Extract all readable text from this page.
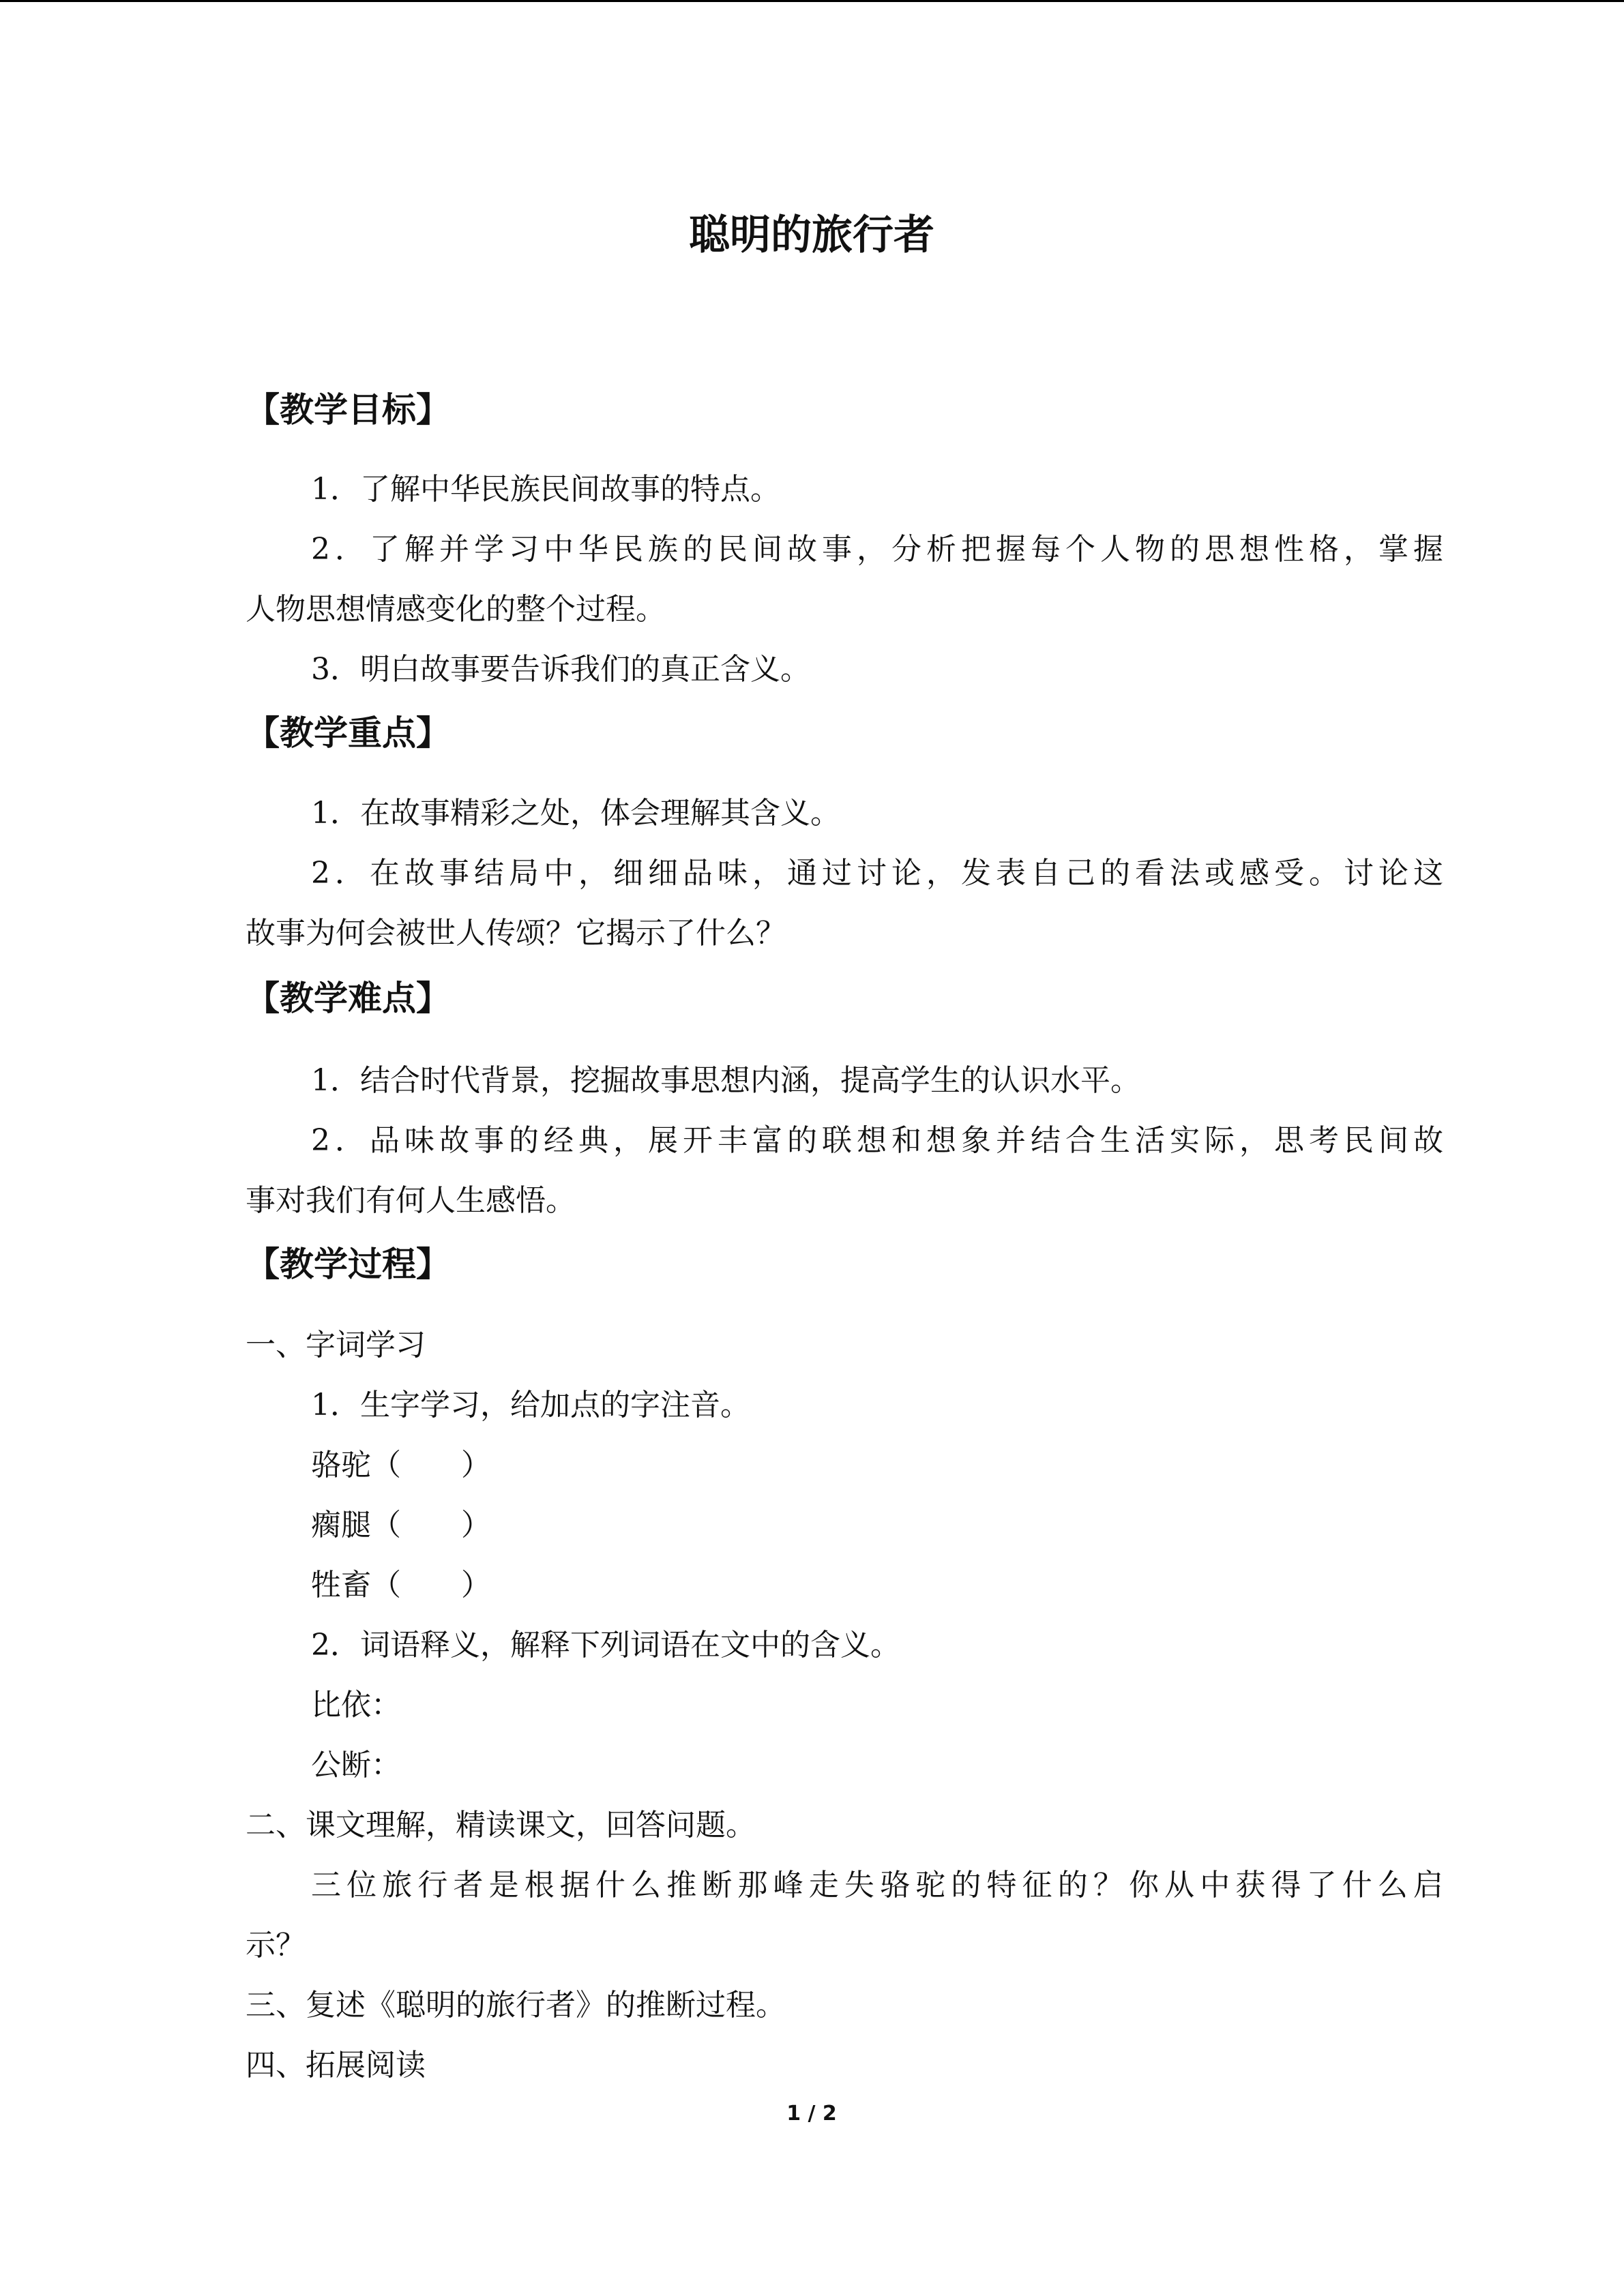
聪明的旅行者
【教学目标】
1．了解中华民族民间故事的特点。
2．了解并学习中华民族的民间故事，分析把握每个人物的思想性格，掌握
人物思想情感变化的整个过程。
3．明白故事要告诉我们的真正含义。
【教学重点】
1．在故事精彩之处，体会理解其含义。
2．在故事结局中，细细品味，通过讨论，发表自己的看法或感受。讨论这
故事为何会被世人传颂？它揭示了什么？
【教学难点】
1．结合时代背景，挖掘故事思想内涵，提高学生的认识水平。
2．品味故事的经典，展开丰富的联想和想象并结合生活实际，思考民间故
事对我们有何人生感悟。
【教学过程】
一、字词学习
1．生字学习，给加点的字注音。
骆驼（　　）
瘸腿（　　）
牲畜（　　）
2．词语释义，解释下列词语在文中的含义。
比依：
公断：
二、课文理解，精读课文，回答问题。
三位旅行者是根据什么推断那峰走失骆驼的特征的？你从中获得了什么启
示？
三、复述《聪明的旅行者》的推断过程。
四、拓展阅读
1 / 2
